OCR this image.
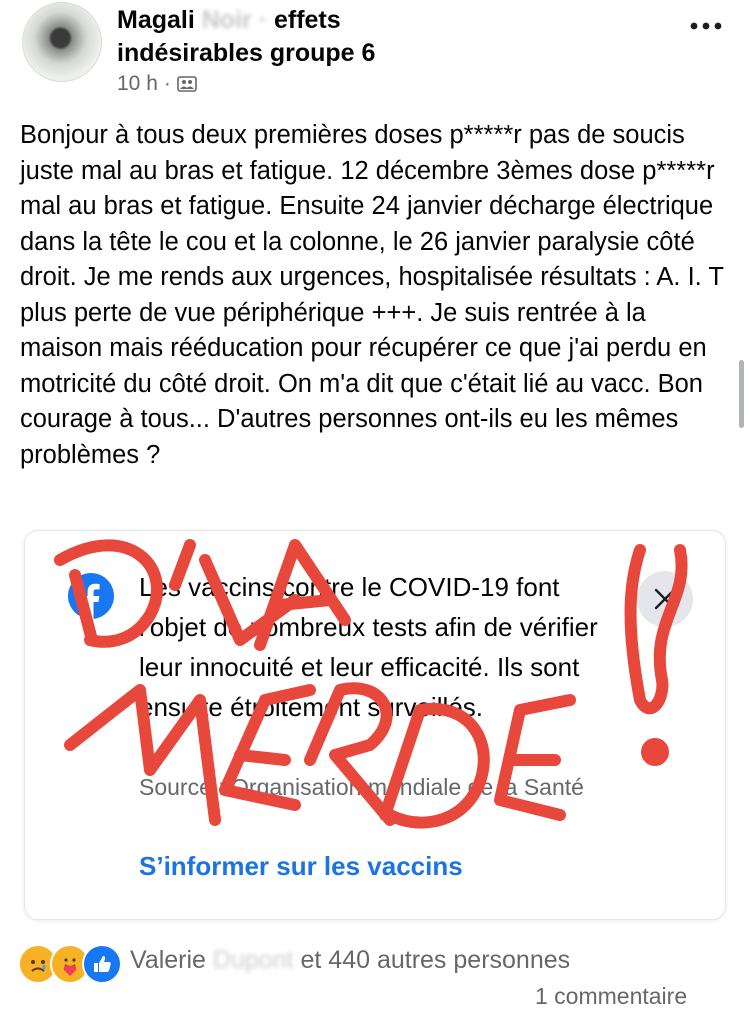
Magali Noir · effets
indésirables groupe 6
10 h ·
Bonjour à tous deux premières doses p*****r pas de soucis juste mal au bras et fatigue. 12 décembre 3èmes dose p*****r mal au bras et fatigue. Ensuite 24 janvier décharge électrique dans la tête le cou et la colonne, le 26 janvier paralysie côté droit. Je me rends aux urgences, hospitalisée résultats : A. I. T plus perte de vue périphérique +++. Je suis rentrée à la maison mais rééducation pour récupérer ce que j'ai perdu en motricité du côté droit. On m'a dit que c'était lié au vacc. Bon courage à tous... D'autres personnes ont-ils eu les mêmes problèmes ?
Les vaccins contre le COVID-19 font l'objet de nombreux tests afin de vérifier leur innocuité et leur efficacité. Ils sont ensuite étroitement surveillés.
Source : Organisation mondiale de la Santé
S’informer sur les vaccins
Valerie Dupont et 440 autres personnes
1 commentaire
